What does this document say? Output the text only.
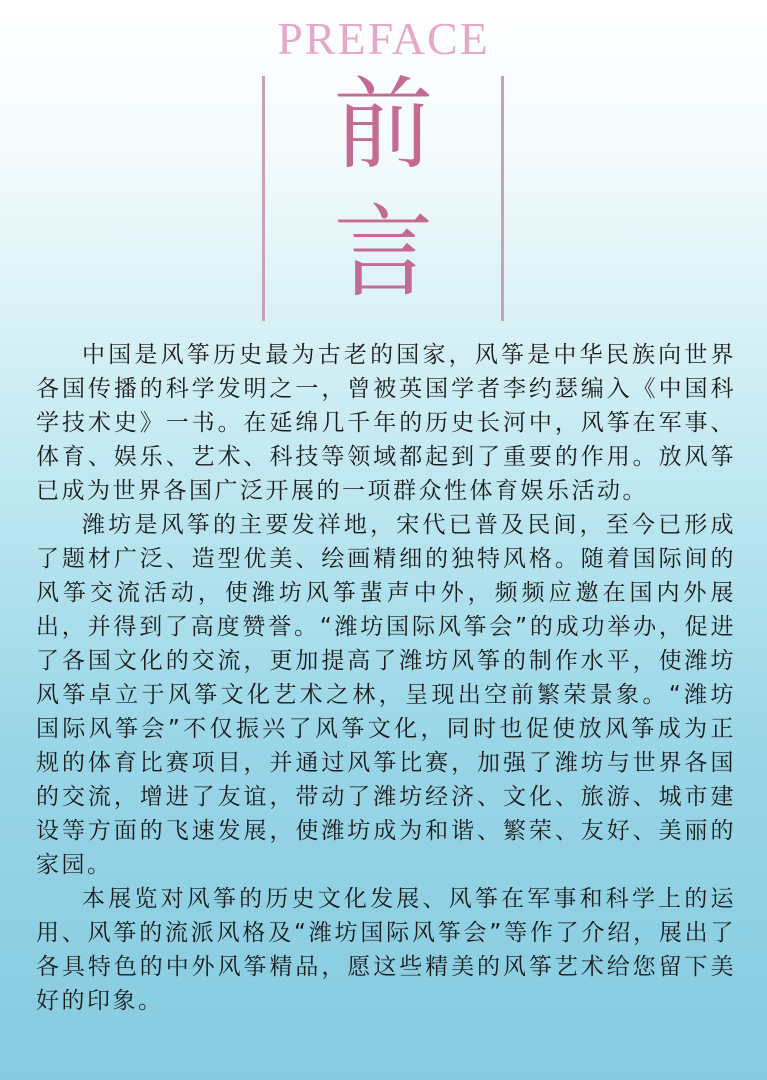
PREFACE
前
言

中国是风筝历史最为古老的国家，风筝是中华民族向世界各国传播的科学发明之一，曾被英国学者李约瑟编入《中国科学技术史》一书。在延绵几千年的历史长河中，风筝在军事、体育、娱乐、艺术、科技等领域都起到了重要的作用。放风筝已成为世界各国广泛开展的一项群众性体育娱乐活动。

潍坊是风筝的主要发祥地，宋代已普及民间，至今已形成了题材广泛、造型优美、绘画精细的独特风格。随着国际间的风筝交流活动，使潍坊风筝蜚声中外，频频应邀在国内外展出，并得到了高度赞誉。“潍坊国际风筝会”的成功举办，促进了各国文化的交流，更加提高了潍坊风筝的制作水平，使潍坊风筝卓立于风筝文化艺术之林，呈现出空前繁荣景象。“潍坊国际风筝会”不仅振兴了风筝文化，同时也促使放风筝成为正规的体育比赛项目，并通过风筝比赛，加强了潍坊与世界各国的交流，增进了友谊，带动了潍坊经济、文化、旅游、城市建设等方面的飞速发展，使潍坊成为和谐、繁荣、友好、美丽的家园。

本展览对风筝的历史文化发展、风筝在军事和科学上的运用、风筝的流派风格及“潍坊国际风筝会”等作了介绍，展出了各具特色的中外风筝精品，愿这些精美的风筝艺术给您留下美好的印象。
